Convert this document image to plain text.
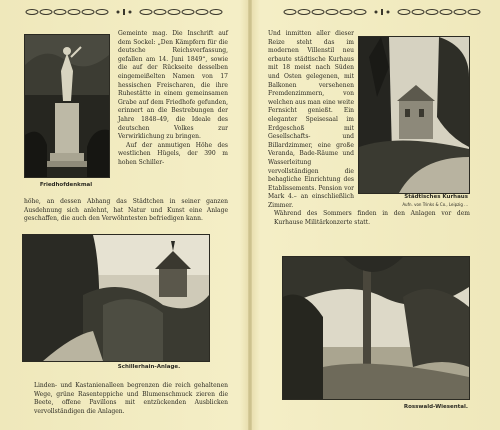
Friedhofdenkmal

Gemeinte mag. Die Inschrift auf dem Sockel: „Den Kämpfern für die deutsche Reichsverfassung, gefallen am 14. Juni 1849“, sowie die auf der Rückseite desselben eingemeißelten Namen von 17 hessischen Freischaren, die ihre Ruhestätte in einem gemeinsamen Grabe auf dem Friedhofe gefunden, erinnert an die Bestrebungen der Jahre 1848–49, die Ideale des deutschen Volkes zur Verwirklichung zu bringen.

Auf der anmutigen Höhe des westlichen Hügels, der 390 m hohen Schiller-

höhe, an dessen Abhang das Städtchen in seiner ganzen Ausdehnung sich anlehnt, hat Natur und Kunst eine Anlage geschaffen, die auch den Verwöhntesten befriedigen kann.
Schillerhain-Anlage.
Linden- und Kastanienalleen begrenzen die reich gehaltenen Wege, grüne Rasenteppiche und Blumenschmuck zieren die Beete, offene Pavillons mit entzückenden Ausblicken vervollständigen die Anlagen.
Und inmitten aller dieser Reize steht das im modernen Villenstil neu erbaute städtische Kurhaus mit 18 meist nach Süden und Osten gelegenen, mit Balkonen versehenen Fremdenzimmern, von welchen aus man eine weite Fernsicht genießt. Ein eleganter Speisesaal im Erdgeschoß mit Gesellschafts- und Billardzimmer, eine große Veranda, Bade-Räume und Wasserleitung vervollständigen die behagliche Einrichtung des Etablissements. Pension vor Mark 4.– an einschließlich Zimmer.
Städtisches Kurhaus
Aufn. von Trinks & Co., Leipzig ...
Während des Sommers finden in den Anlagen vor dem Kurhause Militärkonzerte statt.
Rosswald-Wiesental.
